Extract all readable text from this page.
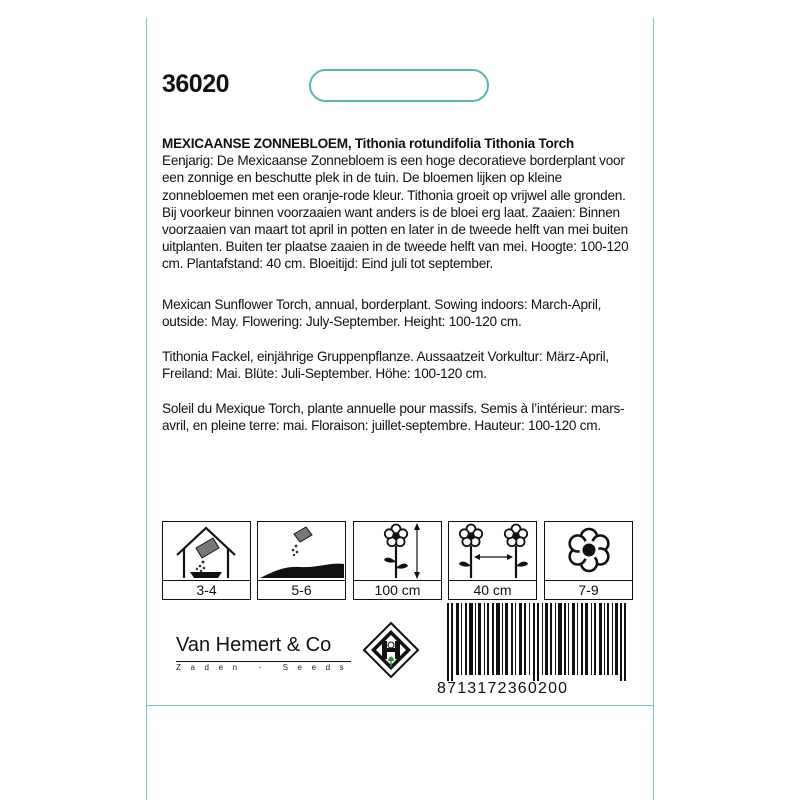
36020
MEXICAANSE ZONNEBLOEM, Tithonia rotundifolia Tithonia Torch
Eenjarig: De Mexicaanse Zonnebloem is een hoge decoratieve borderplant voor een zonnige en beschutte plek in de tuin. De bloemen lijken op kleine zonnebloemen met een oranje-rode kleur. Tithonia groeit op vrijwel alle gronden. Bij voorkeur binnen voorzaaien want anders is de bloei erg laat. Zaaien: Binnen voorzaaien van maart tot april in potten en later in de tweede helft van mei buiten uitplanten. Buiten ter plaatse zaaien in de tweede helft van mei. Hoogte: 100-120 cm. Plantafstand: 40 cm. Bloeitijd: Eind juli tot september.
Mexican Sunflower Torch, annual, borderplant. Sowing indoors: March-April, outside: May. Flowering: July-September. Height: 100-120 cm.
Tithonia Fackel, einjährige Gruppenpflanze. Aussaatzeit Vorkultur: März-April, Freiland: Mai. Blüte: Juli-September. Höhe: 100-120 cm.
Soleil du Mexique Torch, plante annuelle pour massifs. Semis à l’intérieur: mars-avril, en pleine terre: mai. Floraison: juillet-septembre. Hauteur: 100-120 cm.
3-4	5-6	100 cm	40 cm	7-9
Van Hemert & Co
Zaden - Seeds
8713172360200
